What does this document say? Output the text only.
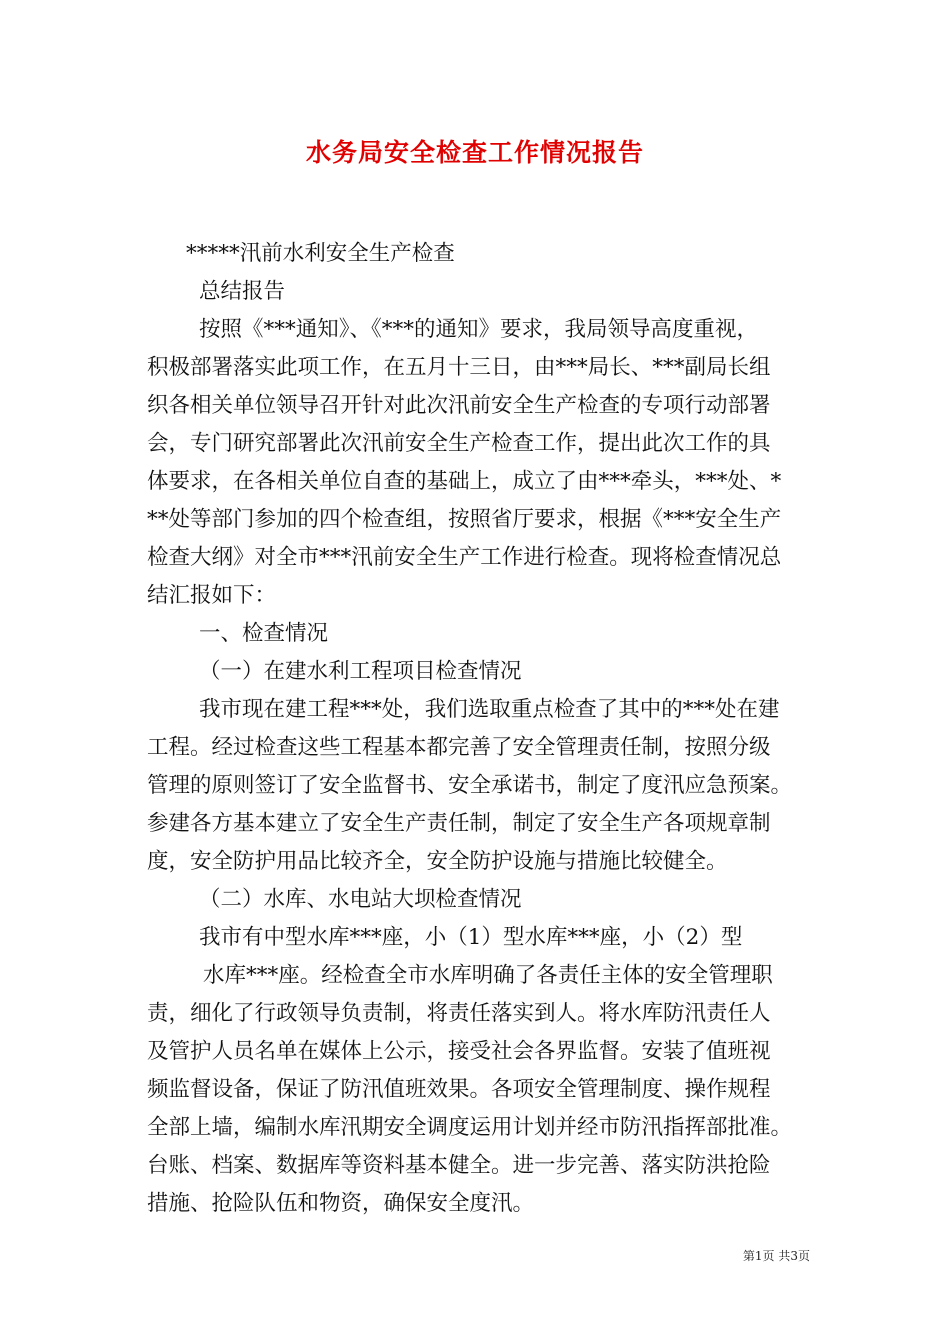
水务局安全检查工作情况报告
*****汛前水利安全生产检查
总结报告
按照《***通知》、《***的通知》要求，我局领导高度重视，
积极部署落实此项工作，在五月十三日，由***局长、***副局长组
织各相关单位领导召开针对此次汛前安全生产检查的专项行动部署
会，专门研究部署此次汛前安全生产检查工作，提出此次工作的具
体要求，在各相关单位自查的基础上，成立了由***牵头，***处、*
**处等部门参加的四个检查组，按照省厅要求，根据《***安全生产
检查大纲》对全市***汛前安全生产工作进行检查。现将检查情况总
结汇报如下：
一、检查情况
（一）在建水利工程项目检查情况
我市现在建工程***处，我们选取重点检查了其中的***处在建
工程。经过检查这些工程基本都完善了安全管理责任制，按照分级
管理的原则签订了安全监督书、安全承诺书，制定了度汛应急预案。
参建各方基本建立了安全生产责任制，制定了安全生产各项规章制
度，安全防护用品比较齐全，安全防护设施与措施比较健全。
（二）水库、水电站大坝检查情况
我市有中型水库***座，小（1）型水库***座，小（2）型
水库***座。经检查全市水库明确了各责任主体的安全管理职
责，细化了行政领导负责制，将责任落实到人。将水库防汛责任人
及管护人员名单在媒体上公示，接受社会各界监督。安装了值班视
频监督设备，保证了防汛值班效果。各项安全管理制度、操作规程
全部上墙，编制水库汛期安全调度运用计划并经市防汛指挥部批准。
台账、档案、数据库等资料基本健全。进一步完善、落实防洪抢险
措施、抢险队伍和物资，确保安全度汛。
第1页 共3页
